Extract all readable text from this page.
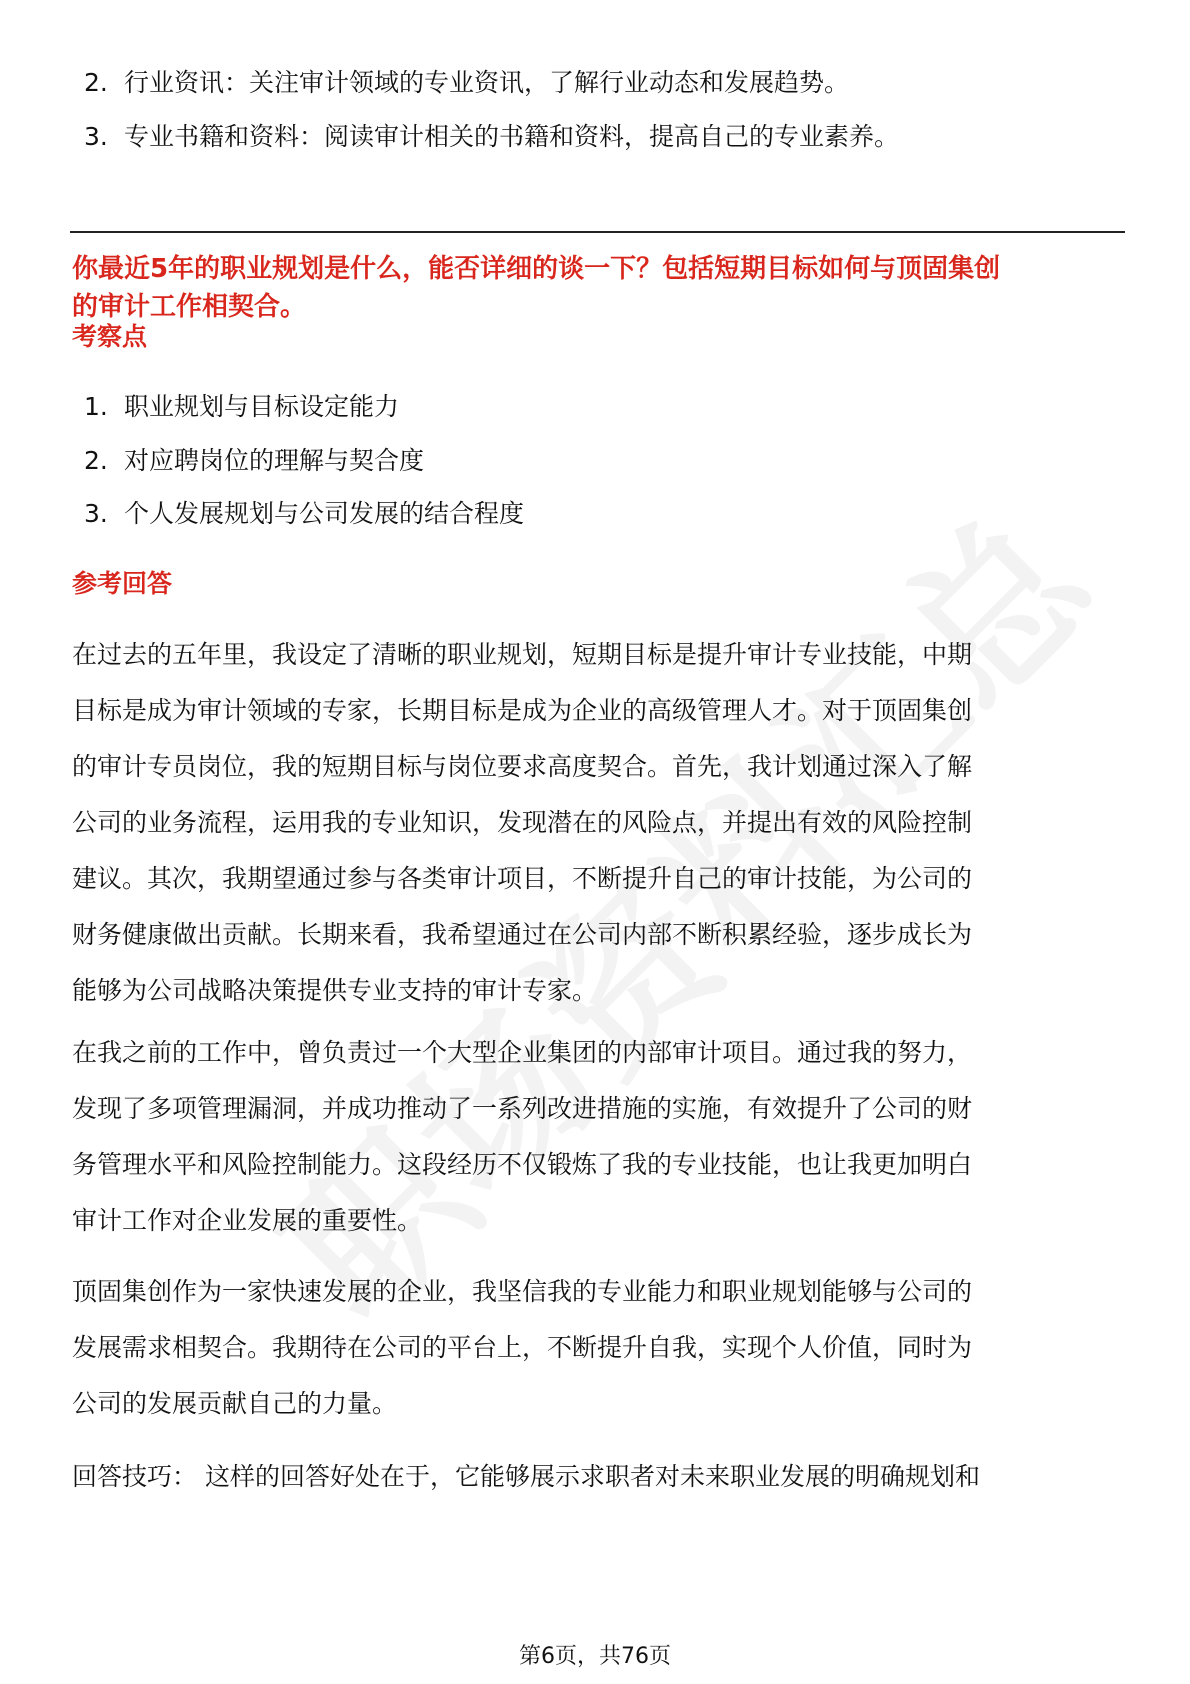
2. 行业资讯：关注审计领域的专业资讯，了解行业动态和发展趋势。
3. 专业书籍和资料：阅读审计相关的书籍和资料，提高自己的专业素养。
你最近5年的职业规划是什么，能否详细的谈一下？包括短期目标如何与顶固集创
的审计工作相契合。
考察点
1. 职业规划与目标设定能力
2. 对应聘岗位的理解与契合度
3. 个人发展规划与公司发展的结合程度
参考回答
在过去的五年里，我设定了清晰的职业规划，短期目标是提升审计专业技能，中期
目标是成为审计领域的专家，长期目标是成为企业的高级管理人才。对于顶固集创
的审计专员岗位，我的短期目标与岗位要求高度契合。首先，我计划通过深入了解
公司的业务流程，运用我的专业知识，发现潜在的风险点，并提出有效的风险控制
建议。其次，我期望通过参与各类审计项目，不断提升自己的审计技能，为公司的
财务健康做出贡献。长期来看，我希望通过在公司内部不断积累经验，逐步成长为
能够为公司战略决策提供专业支持的审计专家。
在我之前的工作中，曾负责过一个大型企业集团的内部审计项目。通过我的努力，
发现了多项管理漏洞，并成功推动了一系列改进措施的实施，有效提升了公司的财
务管理水平和风险控制能力。这段经历不仅锻炼了我的专业技能，也让我更加明白
审计工作对企业发展的重要性。
顶固集创作为一家快速发展的企业，我坚信我的专业能力和职业规划能够与公司的
发展需求相契合。我期待在公司的平台上，不断提升自我，实现个人价值，同时为
公司的发展贡献自己的力量。
回答技巧： 这样的回答好处在于，它能够展示求职者对未来职业发展的明确规划和
第6页，共76页
